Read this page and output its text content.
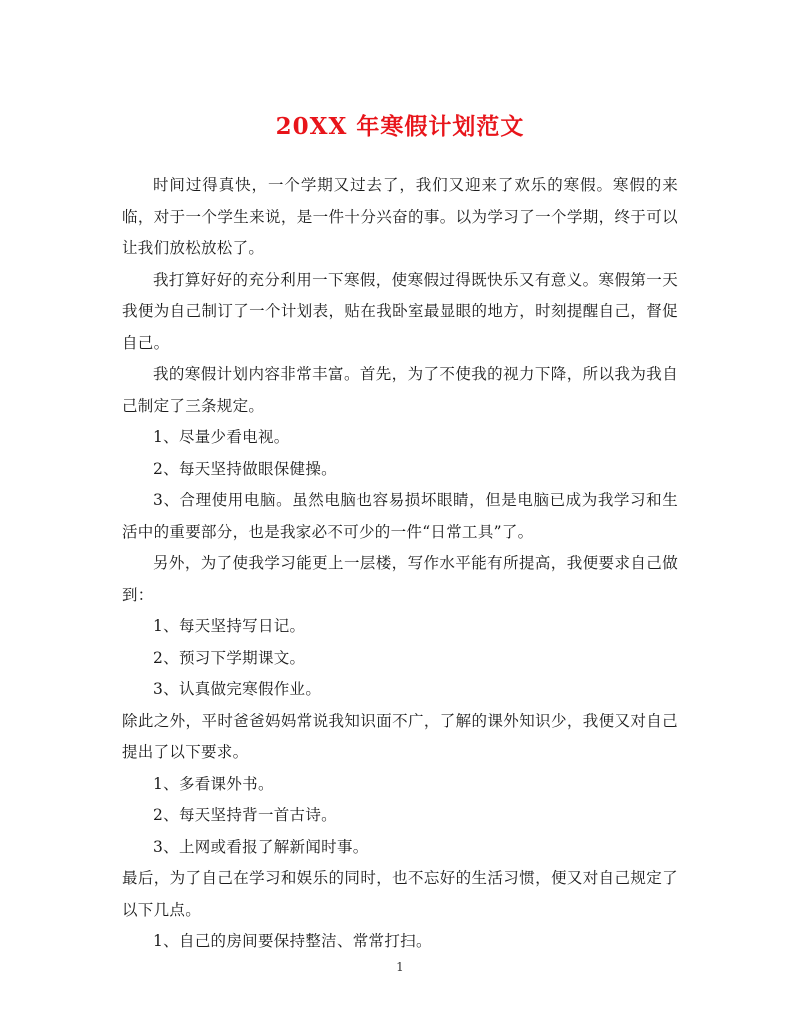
20XX 年寒假计划范文

时间过得真快，一个学期又过去了，我们又迎来了欢乐的寒假。寒假的来临，对于一个学生来说，是一件十分兴奋的事。以为学习了一个学期，终于可以让我们放松放松了。

我打算好好的充分利用一下寒假，使寒假过得既快乐又有意义。寒假第一天我便为自己制订了一个计划表，贴在我卧室最显眼的地方，时刻提醒自己，督促自己。

我的寒假计划内容非常丰富。首先，为了不使我的视力下降，所以我为我自己制定了三条规定。

1、尽量少看电视。

2、每天坚持做眼保健操。

3、合理使用电脑。虽然电脑也容易损坏眼睛，但是电脑已成为我学习和生活中的重要部分，也是我家必不可少的一件“日常工具”了。

另外，为了使我学习能更上一层楼，写作水平能有所提高，我便要求自己做到：

1、每天坚持写日记。

2、预习下学期课文。

3、认真做完寒假作业。

除此之外，平时爸爸妈妈常说我知识面不广，了解的课外知识少，我便又对自己提出了以下要求。

1、多看课外书。

2、每天坚持背一首古诗。

3、上网或看报了解新闻时事。

最后，为了自己在学习和娱乐的同时，也不忘好的生活习惯，便又对自己规定了以下几点。

1、自己的房间要保持整洁、常常打扫。

1
